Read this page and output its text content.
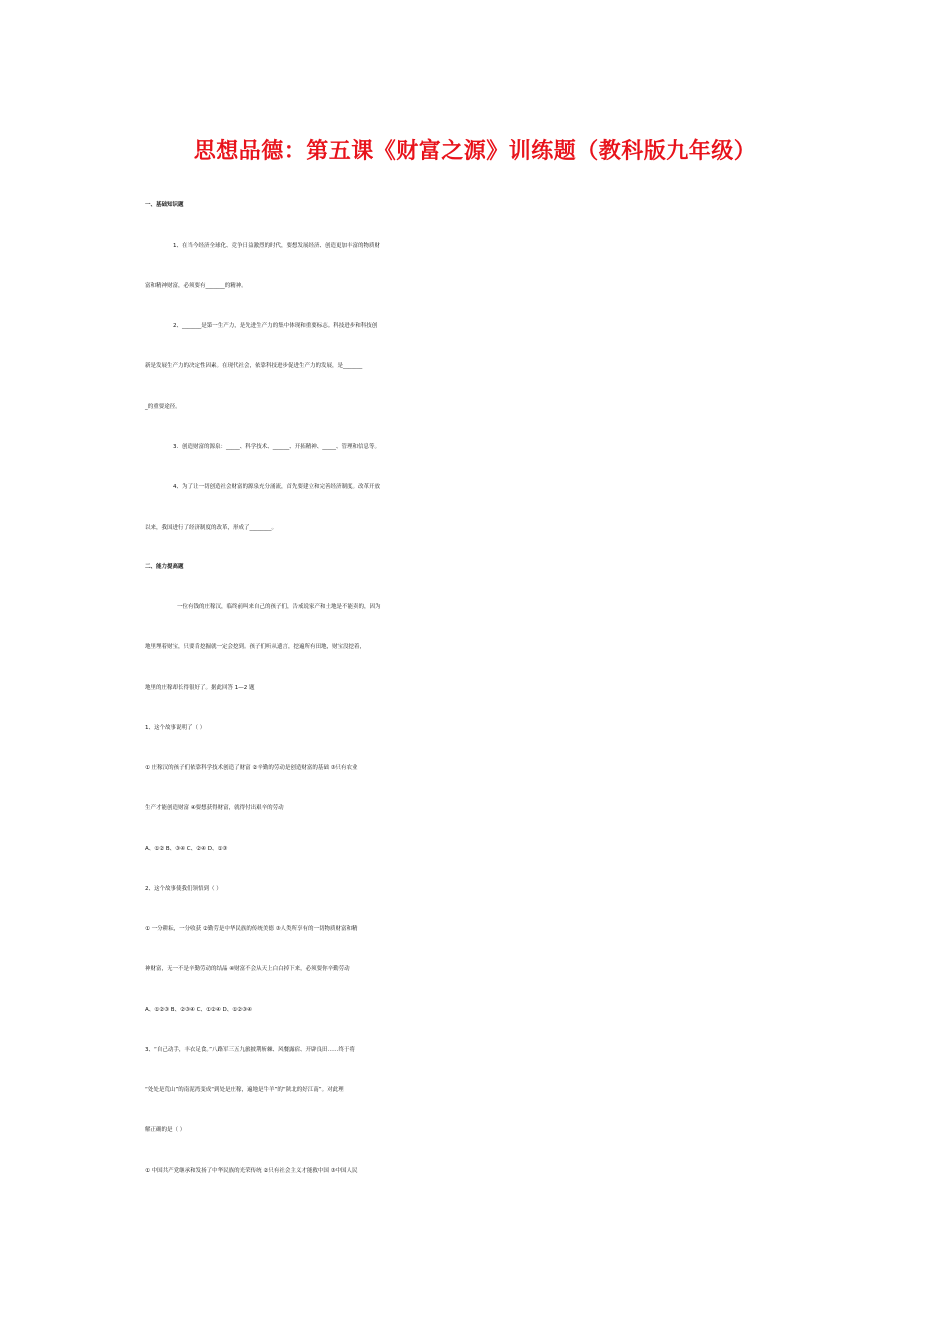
思想品德：第五课《财富之源》训练题（教科版九年级）
一、基础知识题
1、在当今经济全球化、竞争日益激烈的时代，要想发展经济、创造更加丰富的物质财
富和精神财富，必须要有_______的精神。
2、_______是第一生产力，是先进生产力的集中体现和重要标志。科技进步和科技创
新是发展生产力的决定性因素。在现代社会，依靠科技进步促进生产力的发展，是_______
_的重要途径。
3．创造财富的源泉：_____、科学技术、______、开拓精神、_____、管理和信息等。
4、为了让一切创造社会财富的源泉充分涌流，首先要建立和完善经济制度。改革开放
以来，我国进行了经济制度的改革，形成了________。
二、能力提高题
一位有钱的庄稼汉，临终前叫来自己的孩子们，告戒说家产和土地是不能卖的，因为
地里埋着财宝，只要肯挖掘就一定会挖到。孩子们听从遗言，挖遍所有田地，财宝没挖着，
地里的庄稼却长得很好了。据此回答 1—2 题
1、这个故事说明了（ ）
① 庄稼汉的孩子们依靠科学技术创造了财富 ②辛勤的劳动是创造财富的基础 ③只有农业
生产才能创造财富 ④要想获得财富，就得付出艰辛的劳动
A、①② B、③④ C、②④ D、①③
2、这个故事使我们领悟到（ ）
① 一分耕耘，一分收获 ②勤劳是中华民族的传统美德 ③人类所享有的一切物质财富和精
神财富，无一不是辛勤劳动的结晶 ④财富不会从天上白白掉下来，必须要你辛勤劳动
A、①②③ B、②③④ C、①②④ D、①②③④
3、“自己动手，丰衣足食。”八路军三五九旅披荆斩棘、风餐露宿、开辟良田……终于将
“处处是荒山”的南泥湾变成“到处是庄稼，遍地是牛羊”的“陕北的好江南”。对此理
解正确的是（ ）
① 中国共产党继承和发扬了中华民族的光荣传统 ②只有社会主义才能救中国 ③中国人民
